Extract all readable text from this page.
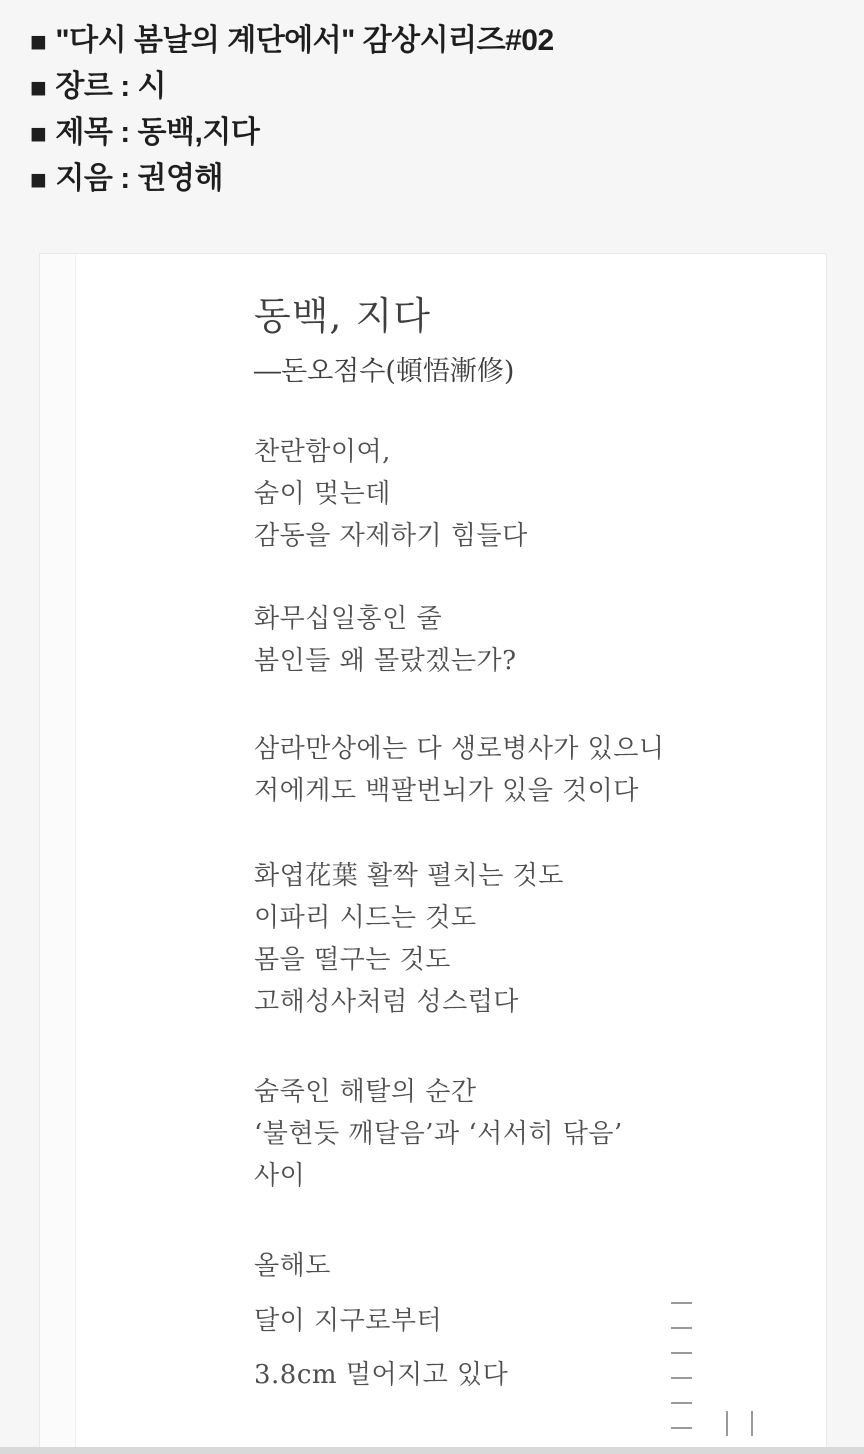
■ "다시 봄날의 계단에서" 감상시리즈#02
■ 장르 : 시
■ 제목 : 동백,지다
■ 지음 : 권영해
동백, 지다
―돈오점수(頓悟漸修)

찬란함이여,

숨이 멎는데

감동을 자제하기 힘들다

화무십일홍인 줄

봄인들 왜 몰랐겠는가?

삼라만상에는 다 생로병사가 있으니

저에게도 백팔번뇌가 있을 것이다

화엽花葉 활짝 펼치는 것도

이파리 시드는 것도

몸을 떨구는 것도

고해성사처럼 성스럽다

숨죽인 해탈의 순간

‘불현듯 깨달음’과 ‘서서히 닦음’

사이

올해도

달이 지구로부터

3.8cm 멀어지고 있다
